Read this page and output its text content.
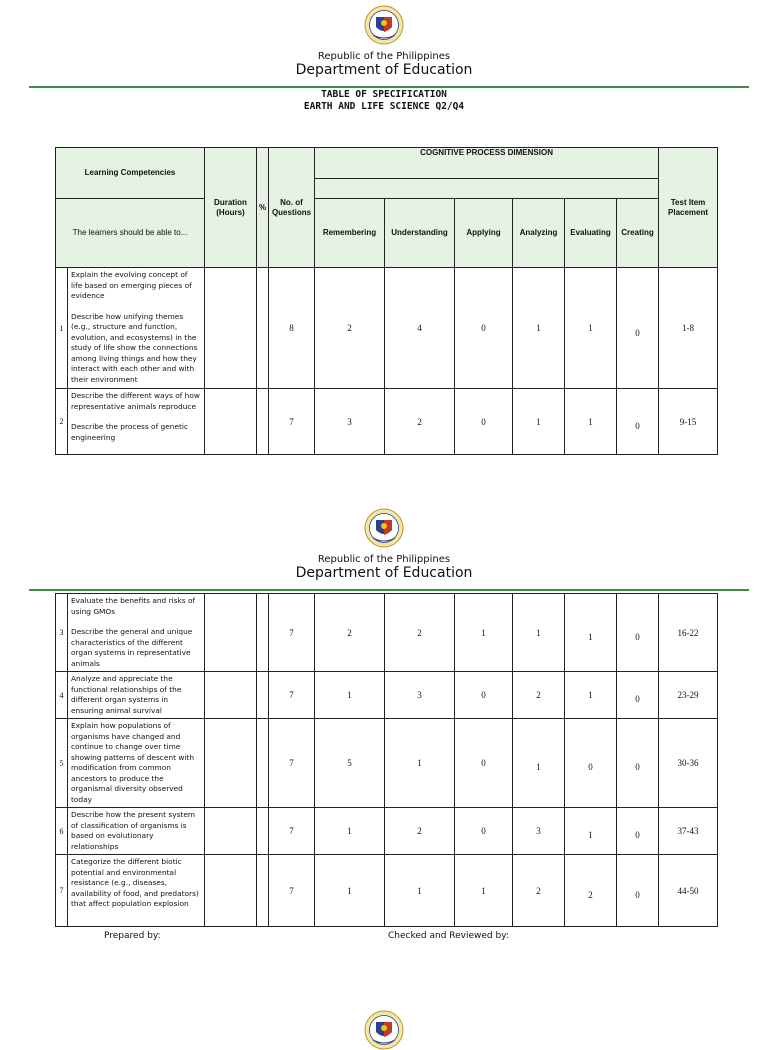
Republic of the Philippines
Department of Education
TABLE OF SPECIFICATION
EARTH AND LIFE SCIENCE Q2/Q4
Learning Competencies		Duration (Hours)	%	No. of Questions	COGNITIVE PROCESS DIMENSION						Test Item Placement

The learners should be able to...					Remembering	Understanding	Applying	Analyzing	Evaluating	Creating	

1	Explain the evolving concept of life based on emerging pieces of evidence

Describe how unifying themes (e.g., structure and function, evolution, and ecosystems) in the study of life show the connections among living things and how they interact with each other and with their environment			8	2	4	0	1	1	0	1-8
2	Describe the different ways of how representative animals reproduce

Describe the process of genetic engineering			7	3	2	0	1	1	0	9-15
Republic of the Philippines
Department of Education
3	Evaluate the benefits and risks of using GMOs

Describe the general and unique characteristics of the different organ systems in representative animals			7	2	2	1	1	1	0	16-22
4	Analyze and appreciate the functional relationships of the different organ systems in ensuring animal survival			7	1	3	0	2	1	0	23-29
5	Explain how populations of organisms have changed and continue to change over time showing patterns of descent with modification from common ancestors to produce the organismal diversity observed today			7	5	1	0	1	0	0	30-36
6	Describe how the present system of classification of organisms is based on evolutionary relationships			7	1	2	0	3	1	0	37-43
7	Categorize the different biotic potential and environmental resistance (e.g., diseases, availability of food, and predators) that affect population explosion			7	1	1	1	2	2	0	44-50
Prepared by:	Checked and Reviewed by:
